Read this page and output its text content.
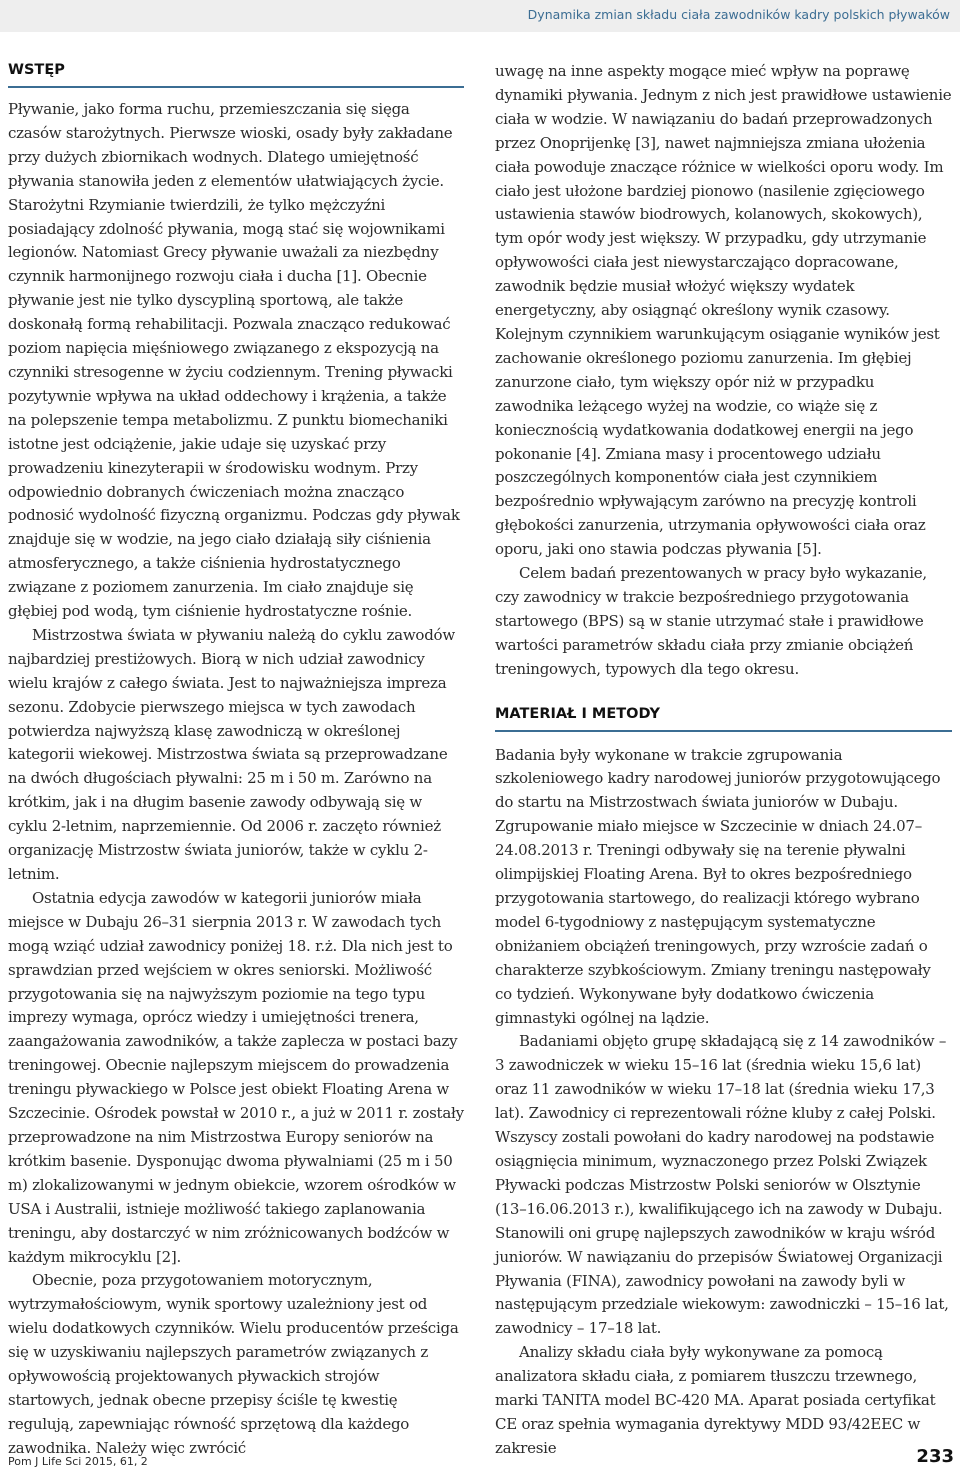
Dynamika zmian składu ciała zawodników kadry polskich pływaków
WSTĘP

Pływanie, jako forma ruchu, przemieszczania się sięga czasów starożytnych. Pierwsze wioski, osady były zakładane przy dużych zbiornikach wodnych. Dlatego umiejętność pływania stanowiła jeden z elementów ułatwiających życie. Starożytni Rzymianie twierdzili, że tylko mężczyźni posiadający zdolność pływania, mogą stać się wojownikami legionów. Natomiast Grecy pływanie uważali za niezbędny czynnik harmonijnego rozwoju ciała i ducha [1]. Obecnie pływanie jest nie tylko dyscypliną sportową, ale także doskonałą formą rehabilitacji. Pozwala znacząco redukować poziom napięcia mięśniowego związanego z ekspozycją na czynniki stresogenne w życiu codziennym. Trening pływacki pozytywnie wpływa na układ oddechowy i krążenia, a także na polepszenie tempa metabolizmu. Z punktu biomechaniki istotne jest odciążenie, jakie udaje się uzyskać przy prowadzeniu kinezyterapii w środowisku wodnym. Przy odpowiednio dobranych ćwiczeniach można znacząco podnosić wydolność fizyczną organizmu. Podczas gdy pływak znajduje się w wodzie, na jego ciało działają siły ciśnienia atmosferycznego, a także ciśnienia hydrostatycznego związane z poziomem zanurzenia. Im ciało znajduje się głębiej pod wodą, tym ciśnienie hydrostatyczne rośnie.

Mistrzostwa świata w pływaniu należą do cyklu zawodów najbardziej prestiżowych. Biorą w nich udział zawodnicy wielu krajów z całego świata. Jest to najważniejsza impreza sezonu. Zdobycie pierwszego miejsca w tych zawodach potwierdza najwyższą klasę zawodniczą w określonej kategorii wiekowej. Mistrzostwa świata są przeprowadzane na dwóch długościach pływalni: 25 m i 50 m. Zarówno na krótkim, jak i na długim basenie zawody odbywają się w cyklu 2-letnim, naprzemiennie. Od 2006 r. zaczęto również organizację Mistrzostw świata juniorów, także w cyklu 2-letnim.

Ostatnia edycja zawodów w kategorii juniorów miała miejsce w Dubaju 26–31 sierpnia 2013 r. W zawodach tych mogą wziąć udział zawodnicy poniżej 18. r.ż. Dla nich jest to sprawdzian przed wejściem w okres seniorski. Możliwość przygotowania się na najwyższym poziomie na tego typu imprezy wymaga, oprócz wiedzy i umiejętności trenera, zaangażowania zawodników, a także zaplecza w postaci bazy treningowej. Obecnie najlepszym miejscem do prowadzenia treningu pływackiego w Polsce jest obiekt Floating Arena w Szczecinie. Ośrodek powstał w 2010 r., a już w 2011 r. zostały przeprowadzone na nim Mistrzostwa Europy seniorów na krótkim basenie. Dysponując dwoma pływalniami (25 m i 50 m) zlokalizowanymi w jednym obiekcie, wzorem ośrodków w USA i Australii, istnieje możliwość takiego zaplanowania treningu, aby dostarczyć w nim zróżnicowanych bodźców w każdym mikrocyklu [2].

Obecnie, poza przygotowaniem motorycznym, wytrzymałościowym, wynik sportowy uzależniony jest od wielu dodatkowych czynników. Wielu producentów prześciga się w uzyskiwaniu najlepszych parametrów związanych z opływowością projektowanych pływackich strojów startowych, jednak obecne przepisy ściśle tę kwestię regulują, zapewniając równość sprzętową dla każdego zawodnika. Należy więc zwrócić

uwagę na inne aspekty mogące mieć wpływ na poprawę dynamiki pływania. Jednym z nich jest prawidłowe ustawienie ciała w wodzie. W nawiązaniu do badań przeprowadzonych przez Onoprijenkę [3], nawet najmniejsza zmiana ułożenia ciała powoduje znaczące różnice w wielkości oporu wody. Im ciało jest ułożone bardziej pionowo (nasilenie zgięciowego ustawienia stawów biodrowych, kolanowych, skokowych), tym opór wody jest większy. W przypadku, gdy utrzymanie opływowości ciała jest niewystarczająco dopracowane, zawodnik będzie musiał włożyć większy wydatek energetyczny, aby osiągnąć określony wynik czasowy. Kolejnym czynnikiem warunkującym osiąganie wyników jest zachowanie określonego poziomu zanurzenia. Im głębiej zanurzone ciało, tym większy opór niż w przypadku zawodnika leżącego wyżej na wodzie, co wiąże się z koniecznością wydatkowania dodatkowej energii na jego pokonanie [4]. Zmiana masy i procentowego udziału poszczególnych komponentów ciała jest czynnikiem bezpośrednio wpływającym zarówno na precyzję kontroli głębokości zanurzenia, utrzymania opływowości ciała oraz oporu, jaki ono stawia podczas pływania [5].

Celem badań prezentowanych w pracy było wykazanie, czy zawodnicy w trakcie bezpośredniego przygotowania startowego (BPS) są w stanie utrzymać stałe i prawidłowe wartości parametrów składu ciała przy zmianie obciążeń treningowych, typowych dla tego okresu.

MATERIAŁ I METODY

Badania były wykonane w trakcie zgrupowania szkoleniowego kadry narodowej juniorów przygotowującego do startu na Mistrzostwach świata juniorów w Dubaju. Zgrupowanie miało miejsce w Szczecinie w dniach 24.07–24.08.2013 r. Treningi odbywały się na terenie pływalni olimpijskiej Floating Arena. Był to okres bezpośredniego przygotowania startowego, do realizacji którego wybrano model 6-tygodniowy z następującym systematyczne obniżaniem obciążeń treningowych, przy wzroście zadań o charakterze szybkościowym. Zmiany treningu następowały co tydzień. Wykonywane były dodatkowo ćwiczenia gimnastyki ogólnej na lądzie.

Badaniami objęto grupę składającą się z 14 zawodników – 3 zawodniczek w wieku 15–16 lat (średnia wieku 15,6 lat) oraz 11 zawodników w wieku 17–18 lat (średnia wieku 17,3 lat). Zawodnicy ci reprezentowali różne kluby z całej Polski. Wszyscy zostali powołani do kadry narodowej na podstawie osiągnięcia minimum, wyznaczonego przez Polski Związek Pływacki podczas Mistrzostw Polski seniorów w Olsztynie (13–16.06.2013 r.), kwalifikującego ich na zawody w Dubaju. Stanowili oni grupę najlepszych zawodników w kraju wśród juniorów. W nawiązaniu do przepisów Światowej Organizacji Pływania (FINA), zawodnicy powołani na zawody byli w następującym przedziale wiekowym: zawodniczki – 15–16 lat, zawodnicy – 17–18 lat.

Analizy składu ciała były wykonywane za pomocą analizatora składu ciała, z pomiarem tłuszczu trzewnego, marki TANITA model BC-420 MA. Aparat posiada certyfikat CE oraz spełnia wymagania dyrektywy MDD 93/42EEC w zakresie

Pom J Life Sci 2015, 61, 2	233
